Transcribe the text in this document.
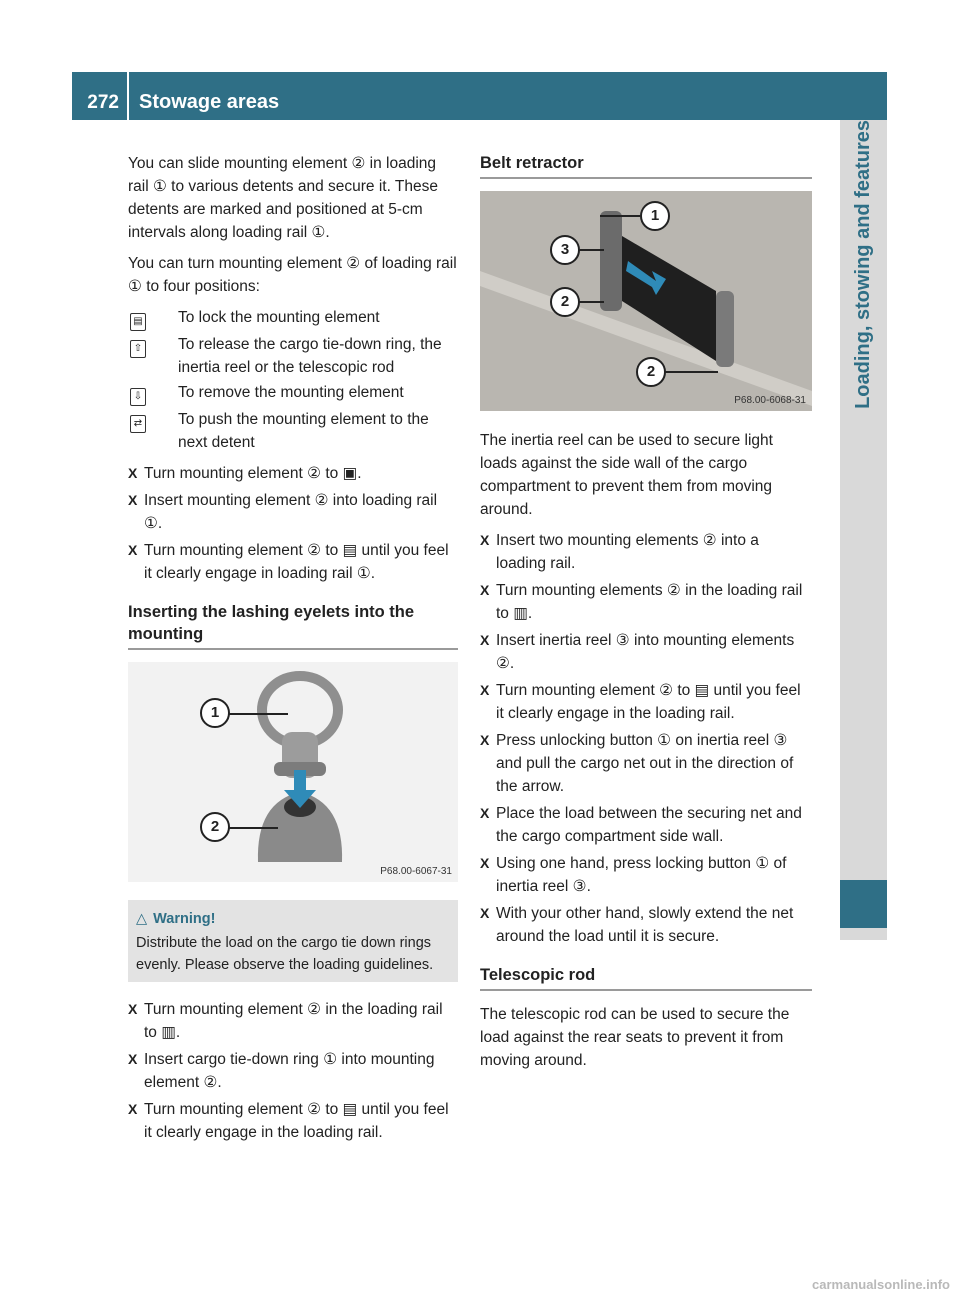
272	Stowage areas
Loading, stowing and features

You can slide mounting element ② in loading rail ① to various detents and secure it. These detents are marked and positioned at 5-cm intervals along loading rail ①.

You can turn mounting element ② of loading rail ① to four positions:

▤	To lock the mounting element
⇧	To release the cargo tie-down ring, the inertia reel or the telescopic rod
⇩	To remove the mounting element
⇄	To push the mounting element to the next detent
X Turn mounting element ② to ▣.
X Insert mounting element ② into loading rail ①.
X Turn mounting element ② to ▤ until you feel it clearly engage in loading rail ①.
Inserting the lashing eyelets into the mounting
1
2
P68.00-6067-31
△ Warning!
Distribute the load on the cargo tie down rings evenly. Please observe the loading guidelines.
X Turn mounting element ② in the loading rail to ▥.
X Insert cargo tie-down ring ① into mounting element ②.
X Turn mounting element ② to ▤ until you feel it clearly engage in the loading rail.
Belt retractor
1
3
2
2
P68.00-6068-31

The inertia reel can be used to secure light loads against the side wall of the cargo compartment to prevent them from moving around.

X Insert two mounting elements ② into a loading rail.
X Turn mounting elements ② in the loading rail to ▥.
X Insert inertia reel ③ into mounting elements ②.
X Turn mounting element ② to ▤ until you feel it clearly engage in the loading rail.
X Press unlocking button ① on inertia reel ③ and pull the cargo net out in the direction of the arrow.
X Place the load between the securing net and the cargo compartment side wall.
X Using one hand, press locking button ① of inertia reel ③.
X With your other hand, slowly extend the net around the load until it is secure.
Telescopic rod

The telescopic rod can be used to secure the load against the rear seats to prevent it from moving around.

carmanualsonline.info
